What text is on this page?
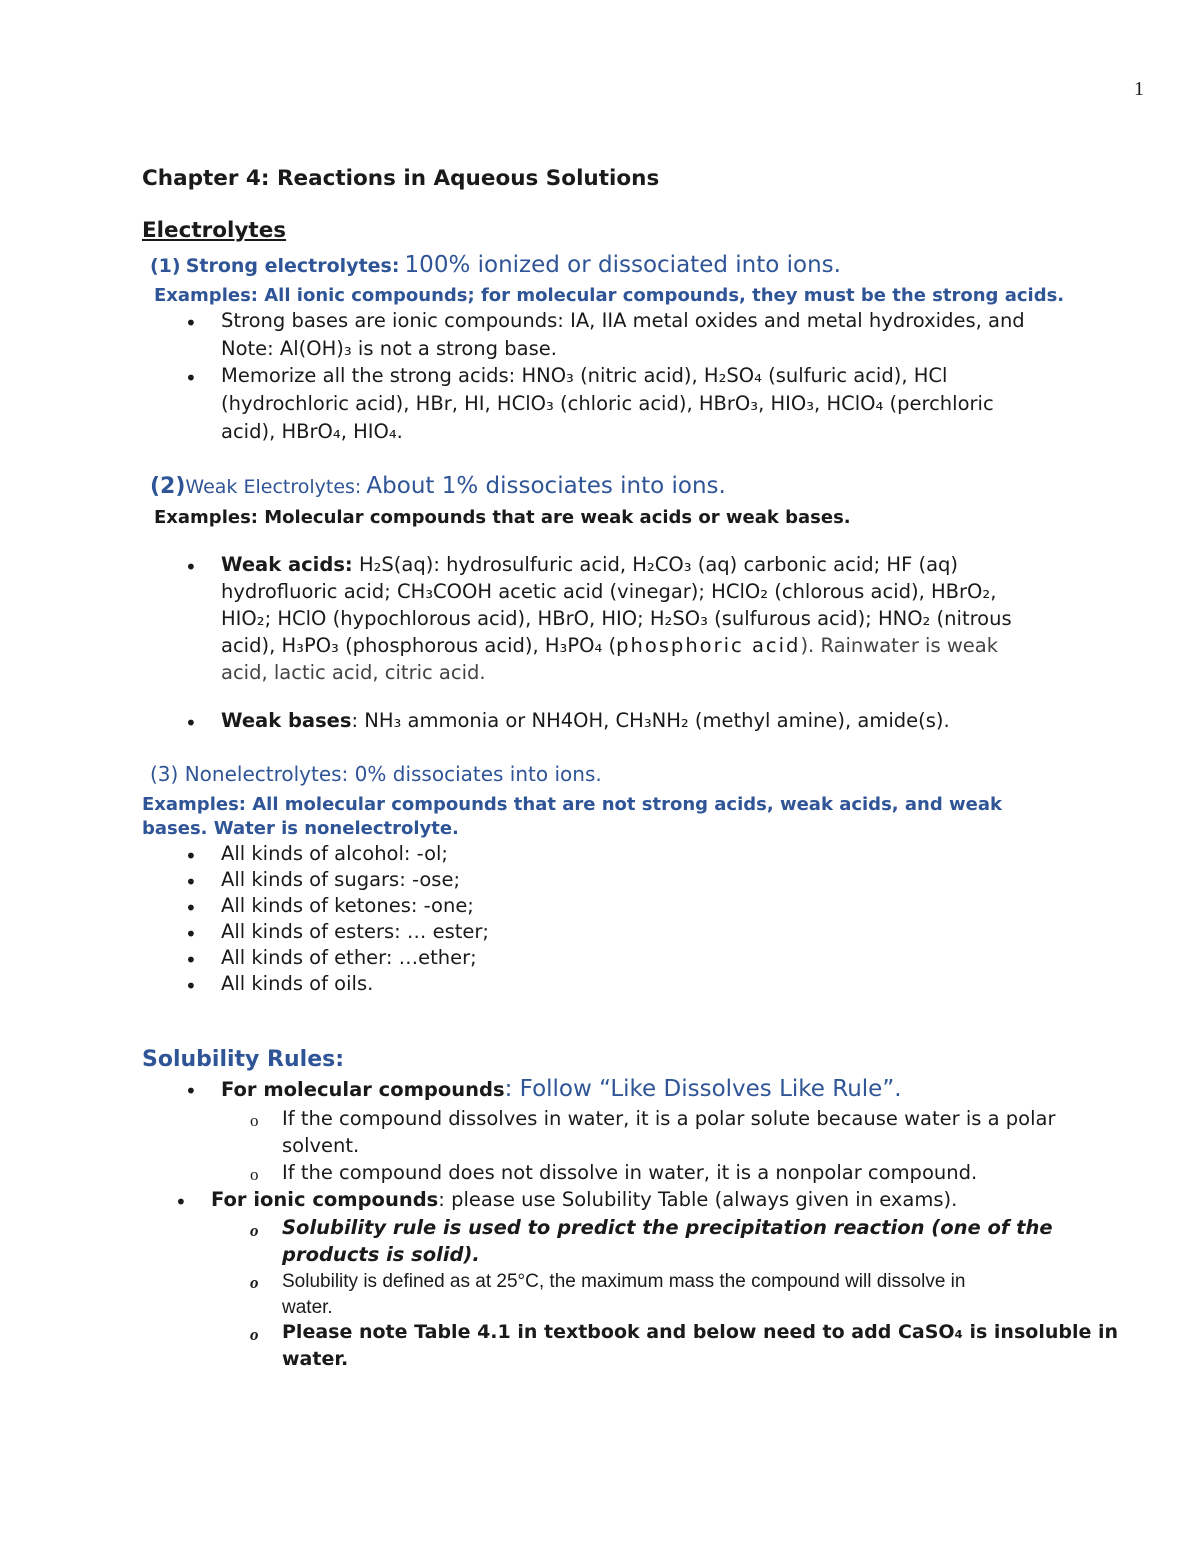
1
Chapter 4: Reactions in Aqueous Solutions
Electrolytes
(1) Strong electrolytes: 100% ionized or dissociated into ions.
Examples: All ionic compounds; for molecular compounds, they must be the strong acids.
• Strong bases are ionic compounds: IA, IIA metal oxides and metal hydroxides, and
Note: Al(OH)₃ is not a strong base.
• Memorize all the strong acids: HNO₃ (nitric acid), H₂SO₄ (sulfuric acid), HCl
(hydrochloric acid), HBr, HI, HClO₃ (chloric acid), HBrO₃, HIO₃, HClO₄ (perchloric
acid), HBrO₄, HIO₄.
(2)Weak Electrolytes: About 1% dissociates into ions.
Examples: Molecular compounds that are weak acids or weak bases.
• Weak acids: H₂S(aq): hydrosulfuric acid, H₂CO₃ (aq) carbonic acid; HF (aq)
hydrofluoric acid; CH₃COOH acetic acid (vinegar); HClO₂ (chlorous acid), HBrO₂,
HIO₂; HClO (hypochlorous acid), HBrO, HIO; H₂SO₃ (sulfurous acid); HNO₂ (nitrous
acid), H₃PO₃ (phosphorous acid), H₃PO₄ (phosphoric acid). Rainwater is weak
acid, lactic acid, citric acid.
• Weak bases: NH₃ ammonia or NH4OH, CH₃NH₂ (methyl amine), amide(s).
(3) Nonelectrolytes: 0% dissociates into ions.
Examples: All molecular compounds that are not strong acids, weak acids, and weak
bases. Water is nonelectrolyte.
• All kinds of alcohol: -ol;
• All kinds of sugars: -ose;
• All kinds of ketones: -one;
• All kinds of esters: … ester;
• All kinds of ether: …ether;
• All kinds of oils.
Solubility Rules:
• For molecular compounds: Follow “Like Dissolves Like Rule”.
o If the compound dissolves in water, it is a polar solute because water is a polar
solvent.
o If the compound does not dissolve in water, it is a nonpolar compound.
• For ionic compounds: please use Solubility Table (always given in exams).
o Solubility rule is used to predict the precipitation reaction (one of the
products is solid).
o Solubility is defined as at 25°C, the maximum mass the compound will dissolve in
water.
o Please note Table 4.1 in textbook and below need to add CaSO₄ is insoluble in
water.
